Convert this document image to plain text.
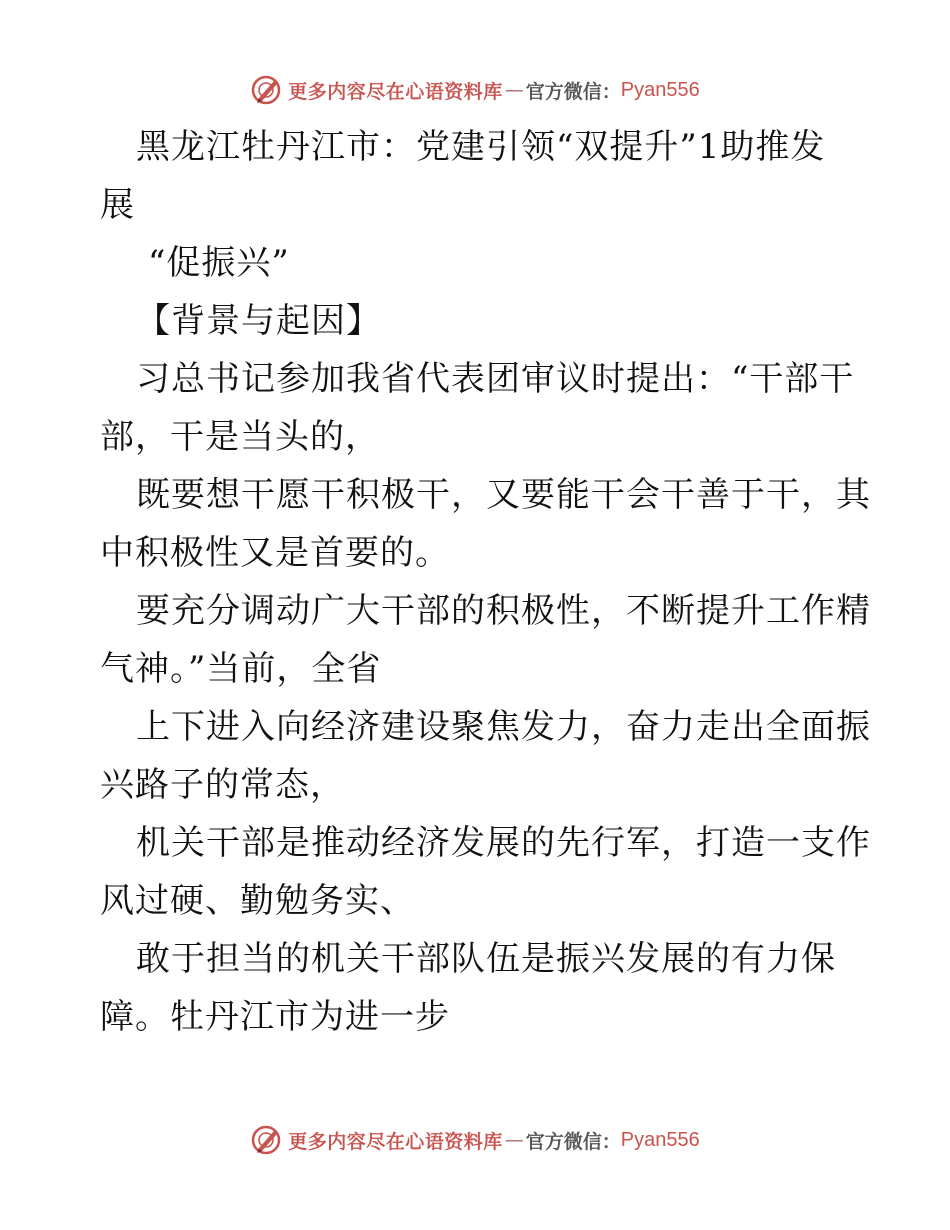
更多内容尽在心语资料库 — 官方微信： Pyan556
黑龙江牡丹江市：党建引领“双提升”1助推发
展
“促振兴”
【背景与起因】
习总书记参加我省代表团审议时提出：“干部干
部，干是当头的，
既要想干愿干积极干，又要能干会干善于干，其
中积极性又是首要的。
要充分调动广大干部的积极性，不断提升工作精
气神。”当前，全省
上下进入向经济建设聚焦发力，奋力走出全面振
兴路子的常态，
机关干部是推动经济发展的先行军，打造一支作
风过硬、勤勉务实、
敢于担当的机关干部队伍是振兴发展的有力保
障。牡丹江市为进一步
更多内容尽在心语资料库 — 官方微信： Pyan556
